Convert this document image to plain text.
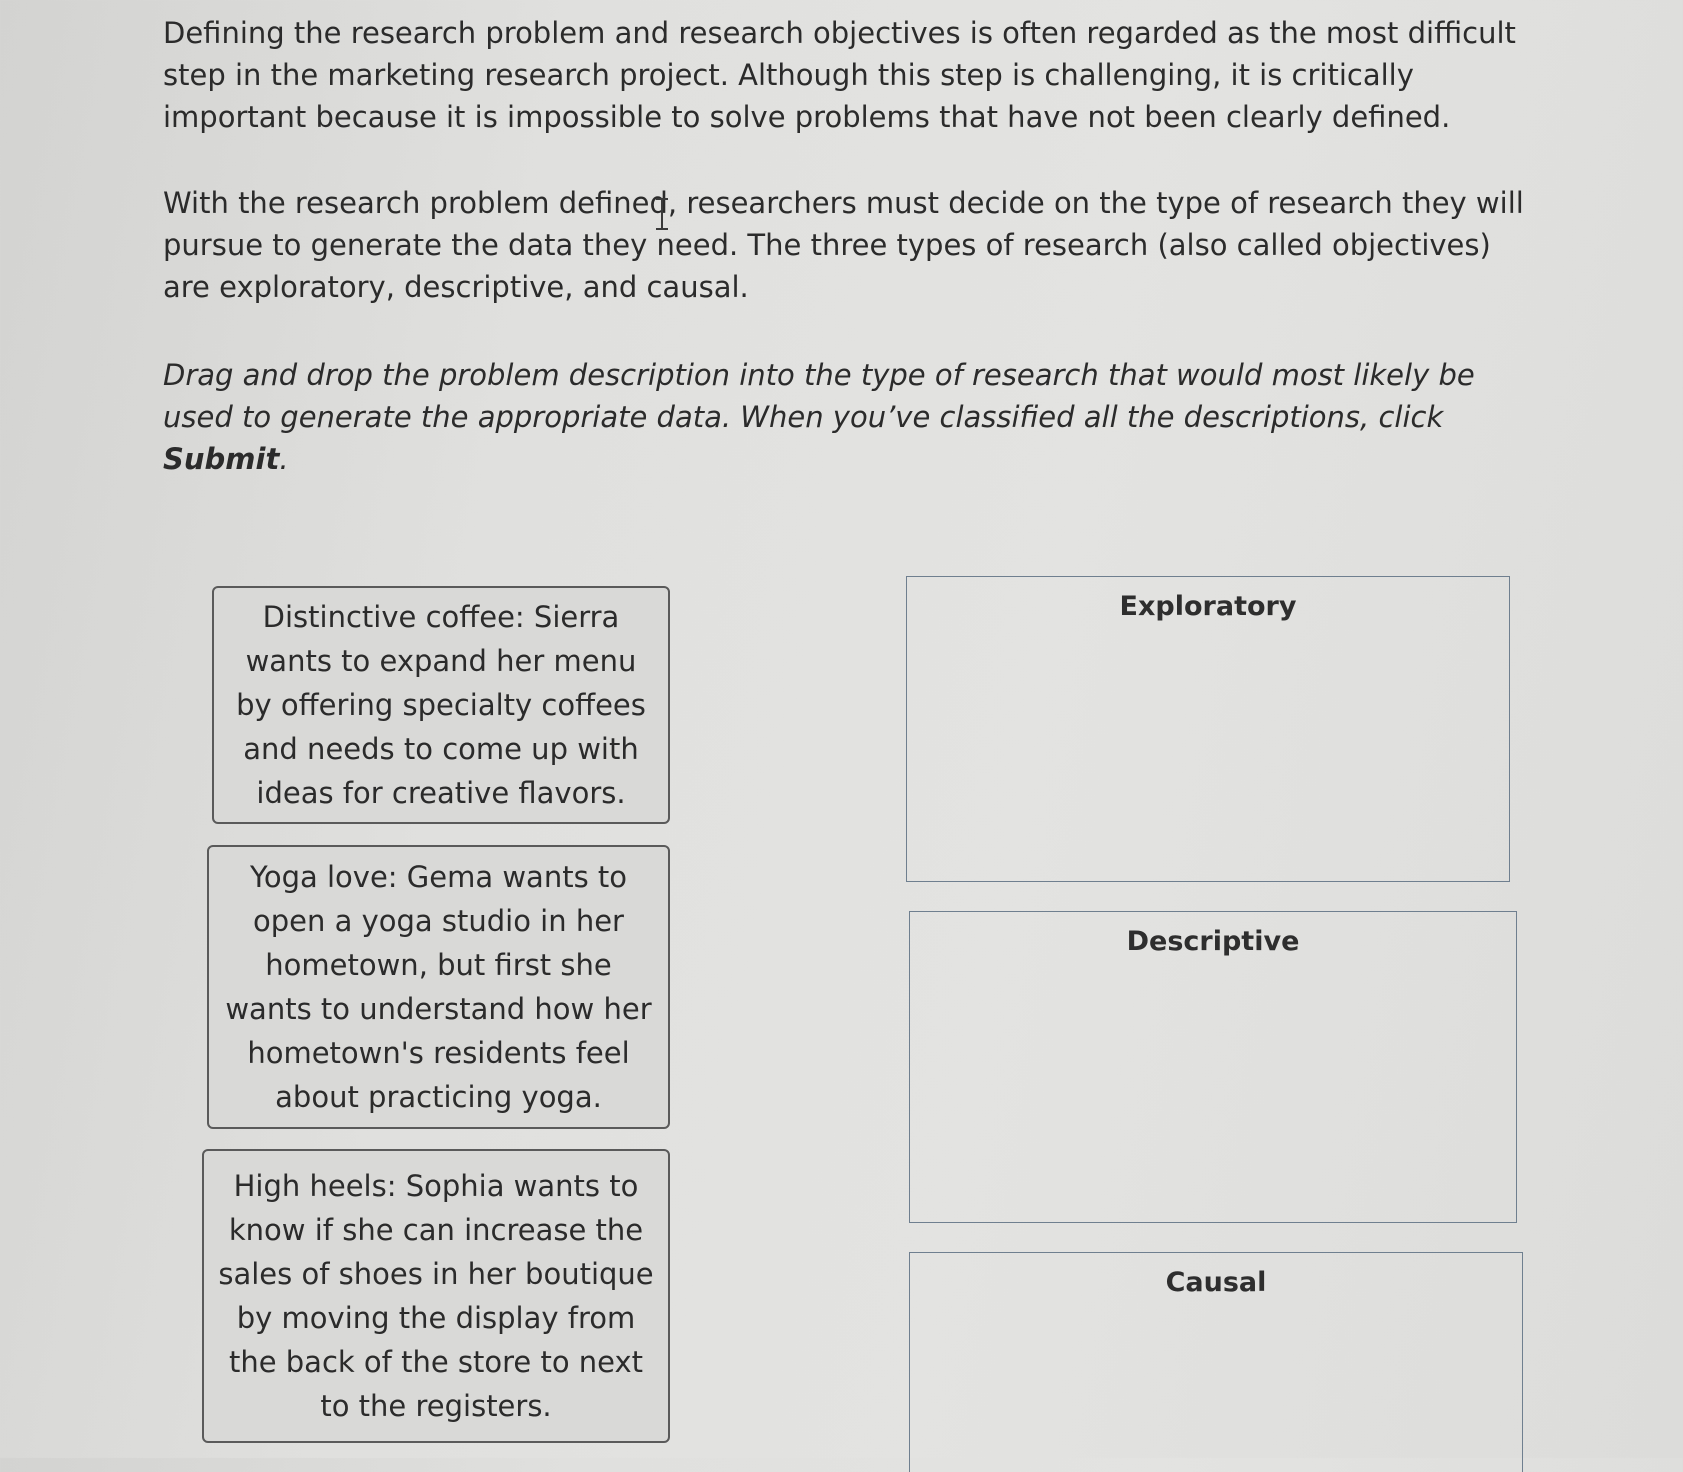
Defining the research problem and research objectives is often regarded as the most difficult step in the marketing research project. Although this step is challenging, it is critically important because it is impossible to solve problems that have not been clearly defined.

With the research problem defined, researchers must decide on the type of research they will pursue to generate the data they need. The three types of research (also called objectives) are exploratory, descriptive, and causal.

Drag and drop the problem description into the type of research that would most likely be used to generate the appropriate data. When you’ve classified all the descriptions, click Submit.

Distinctive coffee: Sierra wants to expand her menu by offering specialty coffees and needs to come up with ideas for creative flavors.
Yoga love: Gema wants to open a yoga studio in her hometown, but first she wants to understand how her hometown's residents feel about practicing yoga.
High heels: Sophia wants to know if she can increase the sales of shoes in her boutique by moving the display from the back of the store to next to the registers.
Exploratory
Descriptive
Causal
